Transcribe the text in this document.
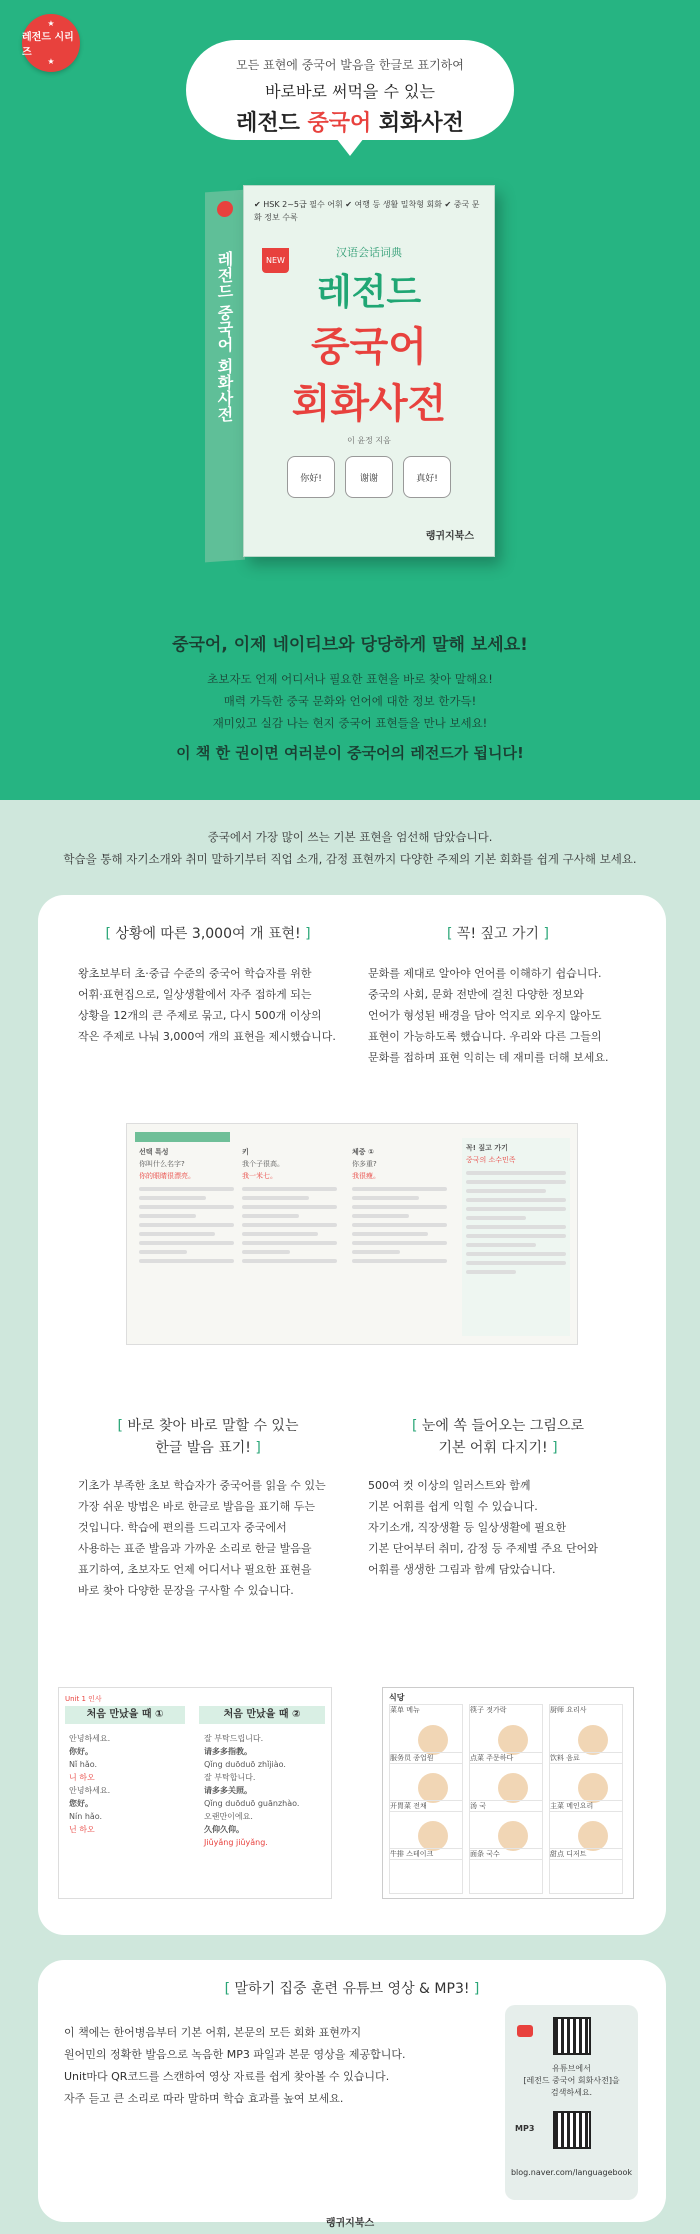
★
레전드 시리즈
★	모든 표현에 중국어 발음을 한글로 표기하여
바로바로 써먹을 수 있는
레전드 중국어 회화사전
레전드 중국어 회화사전
✔ HSK 2~5급 필수 어휘 ✔ 여행 등 생활 밀착형 회화 ✔ 중국 문화 정보 수록
NEW
汉语会话词典
레전드
중국어
회화사전
이 윤정 지음
你好!	谢谢	真好!
랭귀지북스
중국어, 이제 네이티브와 당당하게 말해 보세요!
초보자도 언제 어디서나 필요한 표현을 바로 찾아 말해요!
매력 가득한 중국 문화와 언어에 대한 정보 한가득!
재미있고 실감 나는 현지 중국어 표현들을 만나 보세요!
이 책 한 권이면 여러분이 중국어의 레전드가 됩니다!
중국에서 가장 많이 쓰는 기본 표현을 엄선해 담았습니다.
학습을 통해 자기소개와 취미 말하기부터 직업 소개, 감정 표현까지 다양한 주제의 기본 회화를 쉽게 구사해 보세요.
[ 상황에 따른 3,000여 개 표현! ]
왕초보부터 초·중급 수준의 중국어 학습자를 위한
어휘·표현집으로, 일상생활에서 자주 접하게 되는
상황을 12개의 큰 주제로 묶고, 다시 500개 이상의
작은 주제로 나눠 3,000여 개의 표현을 제시했습니다.
[ 꼭! 짚고 가기 ]
문화를 제대로 알아야 언어를 이해하기 쉽습니다.
중국의 사회, 문화 전반에 걸친 다양한 정보와
언어가 형성된 배경을 담아 억지로 외우지 않아도
표현이 가능하도록 했습니다. 우리와 다른 그들의
문화를 접하며 표현 익히는 데 재미를 더해 보세요.
선택 특성
你叫什么名字?
你的眼睛很漂亮。
키
我个子很高。
我一米七。
체중 ①
你多重?
我很瘦。
꼭! 짚고 가기
중국의 소수민족
[ 바로 찾아 바로 말할 수 있는
한글 발음 표기! ]
기초가 부족한 초보 학습자가 중국어를 읽을 수 있는
가장 쉬운 방법은 바로 한글로 발음을 표기해 두는
것입니다. 학습에 편의를 드리고자 중국에서
사용하는 표준 발음과 가까운 소리로 한글 발음을
표기하여, 초보자도 언제 어디서나 필요한 표현을
바로 찾아 다양한 문장을 구사할 수 있습니다.
[ 눈에 쏙 들어오는 그림으로
기본 어휘 다지기! ]
500여 컷 이상의 일러스트와 함께
기본 어휘를 쉽게 익힐 수 있습니다.
자기소개, 직장생활 등 일상생활에 필요한
기본 단어부터 취미, 감정 등 주제별 주요 단어와
어휘를 생생한 그림과 함께 담았습니다.
Unit 1 인사
처음 만났을 때 ①	처음 만났을 때 ②
안녕하세요.
你好。
Nǐ hǎo.
니 하오
안녕하세요.
您好。
Nín hǎo.
닌 하오
잘 부탁드립니다.
请多多指教。
Qǐng duōduō zhǐjiào.
잘 부탁합니다.
请多多关照。
Qǐng duōduō guānzhào.
오랜만이에요.
久仰久仰。
Jiǔyǎng jiǔyǎng.
식당
菜单 메뉴	筷子 젓가락	厨师 요리사
服务员 종업원	点菜 주문하다	饮料 음료
开胃菜 전채	汤 국	主菜 메인요리
牛排 스테이크	面条 국수	甜点 디저트
[ 말하기 집중 훈련 유튜브 영상 & MP3! ]
이 책에는 한어병음부터 기본 어휘, 본문의 모든 회화 표현까지
원어민의 정확한 발음으로 녹음한 MP3 파일과 본문 영상을 제공합니다.
Unit마다 QR코드를 스캔하여 영상 자료를 쉽게 찾아볼 수 있습니다.
자주 듣고 큰 소리로 따라 말하며 학습 효과를 높여 보세요.
유튜브에서
[레전드 중국어 회화사전]을
검색하세요.
MP3
blog.naver.com/languagebook
랭귀지북스
